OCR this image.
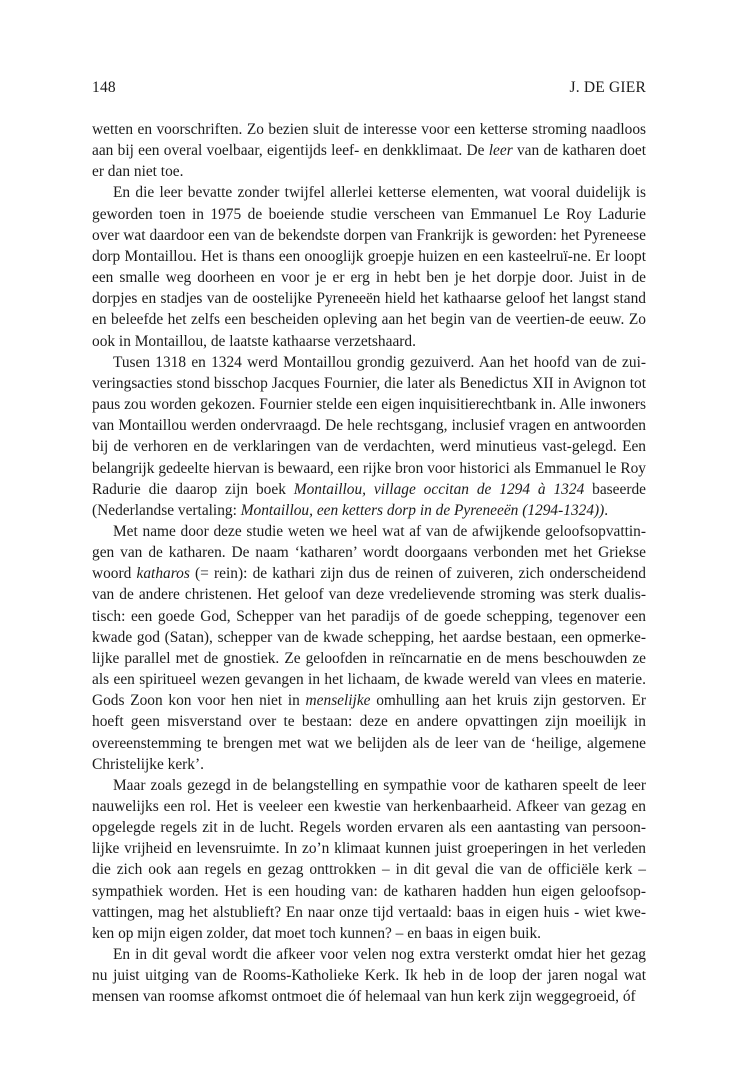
148	J. DE GIER

wetten en voorschriften. Zo bezien sluit de interesse voor een ketterse stroming naadloos aan bij een overal voelbaar, eigentijds leef- en denkklimaat. De leer van de katharen doet er dan niet toe.

En die leer bevatte zonder twijfel allerlei ketterse elementen, wat vooral duidelijk is geworden toen in 1975 de boeiende studie verscheen van Emmanuel Le Roy Ladurie over wat daardoor een van de bekendste dorpen van Frankrijk is geworden: het Pyreneese dorp Montaillou. Het is thans een onooglijk groepje huizen en een kasteelruï-ne. Er loopt een smalle weg doorheen en voor je er erg in hebt ben je het dorpje door. Juist in de dorpjes en stadjes van de oostelijke Pyreneeën hield het kathaarse geloof het langst stand en beleefde het zelfs een bescheiden opleving aan het begin van de veertien-de eeuw. Zo ook in Montaillou, de laatste kathaarse verzetshaard.

Tusen 1318 en 1324 werd Montaillou grondig gezuiverd. Aan het hoofd van de zui-veringsacties stond bisschop Jacques Fournier, die later als Benedictus XII in Avignon tot paus zou worden gekozen. Fournier stelde een eigen inquisitierechtbank in. Alle inwoners van Montaillou werden ondervraagd. De hele rechtsgang, inclusief vragen en antwoorden bij de verhoren en de verklaringen van de verdachten, werd minutieus vast-gelegd. Een belangrijk gedeelte hiervan is bewaard, een rijke bron voor historici als Emmanuel le Roy Radurie die daarop zijn boek Montaillou, village occitan de 1294 à 1324 baseerde (Nederlandse vertaling: Montaillou, een ketters dorp in de Pyreneeën (1294-1324)).

Met name door deze studie weten we heel wat af van de afwijkende geloofsopvattin-gen van de katharen. De naam ‘katharen’ wordt doorgaans verbonden met het Griekse woord katharos (= rein): de kathari zijn dus de reinen of zuiveren, zich onderscheidend van de andere christenen. Het geloof van deze vredelievende stroming was sterk dualis-tisch: een goede God, Schepper van het paradijs of de goede schepping, tegenover een kwade god (Satan), schepper van de kwade schepping, het aardse bestaan, een opmerke-lijke parallel met de gnostiek. Ze geloofden in reïncarnatie en de mens beschouwden ze als een spiritueel wezen gevangen in het lichaam, de kwade wereld van vlees en materie. Gods Zoon kon voor hen niet in menselijke omhulling aan het kruis zijn gestorven. Er hoeft geen misverstand over te bestaan: deze en andere opvattingen zijn moeilijk in overeenstemming te brengen met wat we belijden als de leer van de ‘heilige, algemene Christelijke kerk’.

Maar zoals gezegd in de belangstelling en sympathie voor de katharen speelt de leer nauwelijks een rol. Het is veeleer een kwestie van herkenbaarheid. Afkeer van gezag en opgelegde regels zit in de lucht. Regels worden ervaren als een aantasting van persoon-lijke vrijheid en levensruimte. In zo’n klimaat kunnen juist groeperingen in het verleden die zich ook aan regels en gezag onttrokken – in dit geval die van de officiële kerk – sympathiek worden. Het is een houding van: de katharen hadden hun eigen geloofsop-vattingen, mag het alstublieft? En naar onze tijd vertaald: baas in eigen huis - wiet kwe-ken op mijn eigen zolder, dat moet toch kunnen? – en baas in eigen buik.

En in dit geval wordt die afkeer voor velen nog extra versterkt omdat hier het gezag nu juist uitging van de Rooms-Katholieke Kerk. Ik heb in de loop der jaren nogal wat mensen van roomse afkomst ontmoet die óf helemaal van hun kerk zijn weggegroeid, óf
